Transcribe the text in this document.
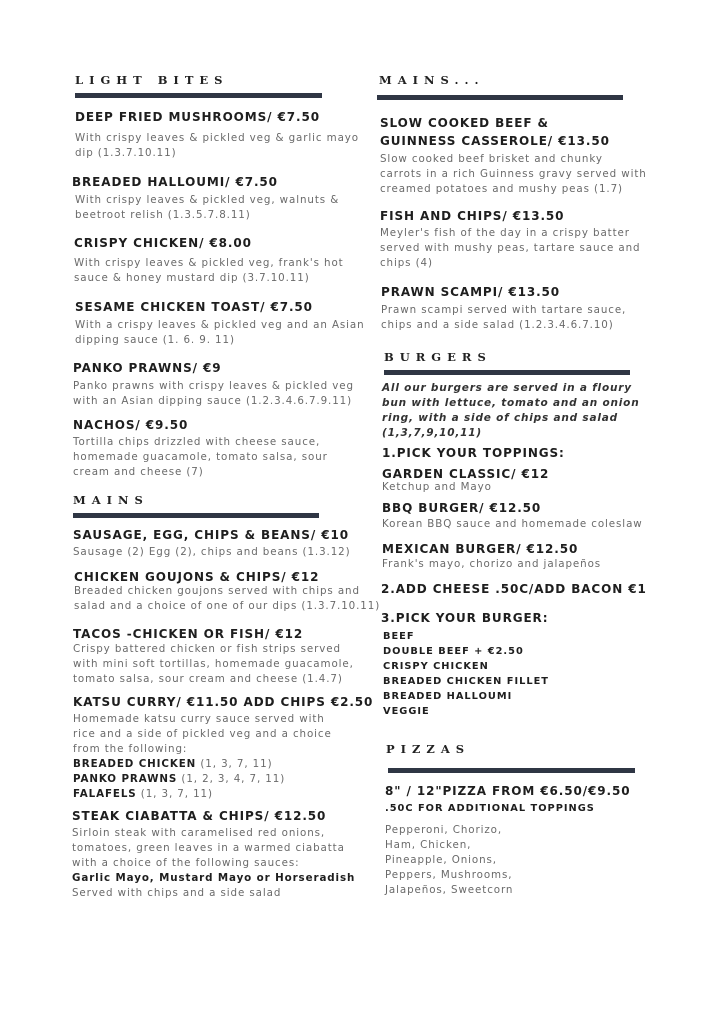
LIGHT BITES
DEEP FRIED MUSHROOMS/ €7.50
With crispy leaves & pickled veg & garlic mayo
dip (1.3.7.10.11)
BREADED HALLOUMI/ €7.50
With crispy leaves & pickled veg, walnuts &
beetroot relish (1.3.5.7.8.11)
CRISPY CHICKEN/ €8.00
With crispy leaves & pickled veg, frank's hot
sauce & honey mustard dip (3.7.10.11)
SESAME CHICKEN TOAST/ €7.50
With a crispy leaves & pickled veg and an Asian
dipping sauce (1. 6. 9. 11)
PANKO PRAWNS/ €9
Panko prawns with crispy leaves & pickled veg
with an Asian dipping sauce (1.2.3.4.6.7.9.11)
NACHOS/ €9.50
Tortilla chips drizzled with cheese sauce,
homemade guacamole, tomato salsa, sour
cream and cheese (7)
MAINS
SAUSAGE, EGG, CHIPS & BEANS/ €10
Sausage (2) Egg (2), chips and beans (1.3.12)
CHICKEN GOUJONS & CHIPS/ €12
Breaded chicken goujons served with chips and
salad and a choice of one of our dips (1.3.7.10.11)
TACOS -CHICKEN OR FISH/ €12
Crispy battered chicken or fish strips served
with mini soft tortillas, homemade guacamole,
tomato salsa, sour cream and cheese (1.4.7)
KATSU CURRY/ €11.50 ADD CHIPS €2.50
Homemade katsu curry sauce served with
rice and a side of pickled veg and a choice
from the following:
BREADED CHICKEN (1, 3, 7, 11)
PANKO PRAWNS (1, 2, 3, 4, 7, 11)
FALAFELS (1, 3, 7, 11)
STEAK CIABATTA & CHIPS/ €12.50
Sirloin steak with caramelised red onions,
tomatoes, green leaves in a warmed ciabatta
with a choice of the following sauces:
Garlic Mayo, Mustard Mayo or Horseradish
Served with chips and a side salad
MAINS...
SLOW COOKED BEEF &
GUINNESS CASSEROLE/ €13.50
Slow cooked beef brisket and chunky
carrots in a rich Guinness gravy served with
creamed potatoes and mushy peas (1.7)
FISH AND CHIPS/ €13.50
Meyler's fish of the day in a crispy batter
served with mushy peas, tartare sauce and
chips (4)
PRAWN SCAMPI/ €13.50
Prawn scampi served with tartare sauce,
chips and a side salad (1.2.3.4.6.7.10)
BURGERS
All our burgers are served in a floury
bun with lettuce, tomato and an onion
ring, with a side of chips and salad
(1,3,7,9,10,11)
1.PICK YOUR TOPPINGS:
GARDEN CLASSIC/ €12
Ketchup and Mayo
BBQ BURGER/ €12.50
Korean BBQ sauce and homemade coleslaw
MEXICAN BURGER/ €12.50
Frank's mayo, chorizo and jalapeños
2.ADD CHEESE .50C/ADD BACON €1
3.PICK YOUR BURGER:
BEEF
DOUBLE BEEF + €2.50
CRISPY CHICKEN
BREADED CHICKEN FILLET
BREADED HALLOUMI
VEGGIE
PIZZAS
8" / 12"PIZZA FROM €6.50/€9.50
.50C FOR ADDITIONAL TOPPINGS
Pepperoni, Chorizo,
Ham, Chicken,
Pineapple, Onions,
Peppers, Mushrooms,
Jalapeños, Sweetcorn
